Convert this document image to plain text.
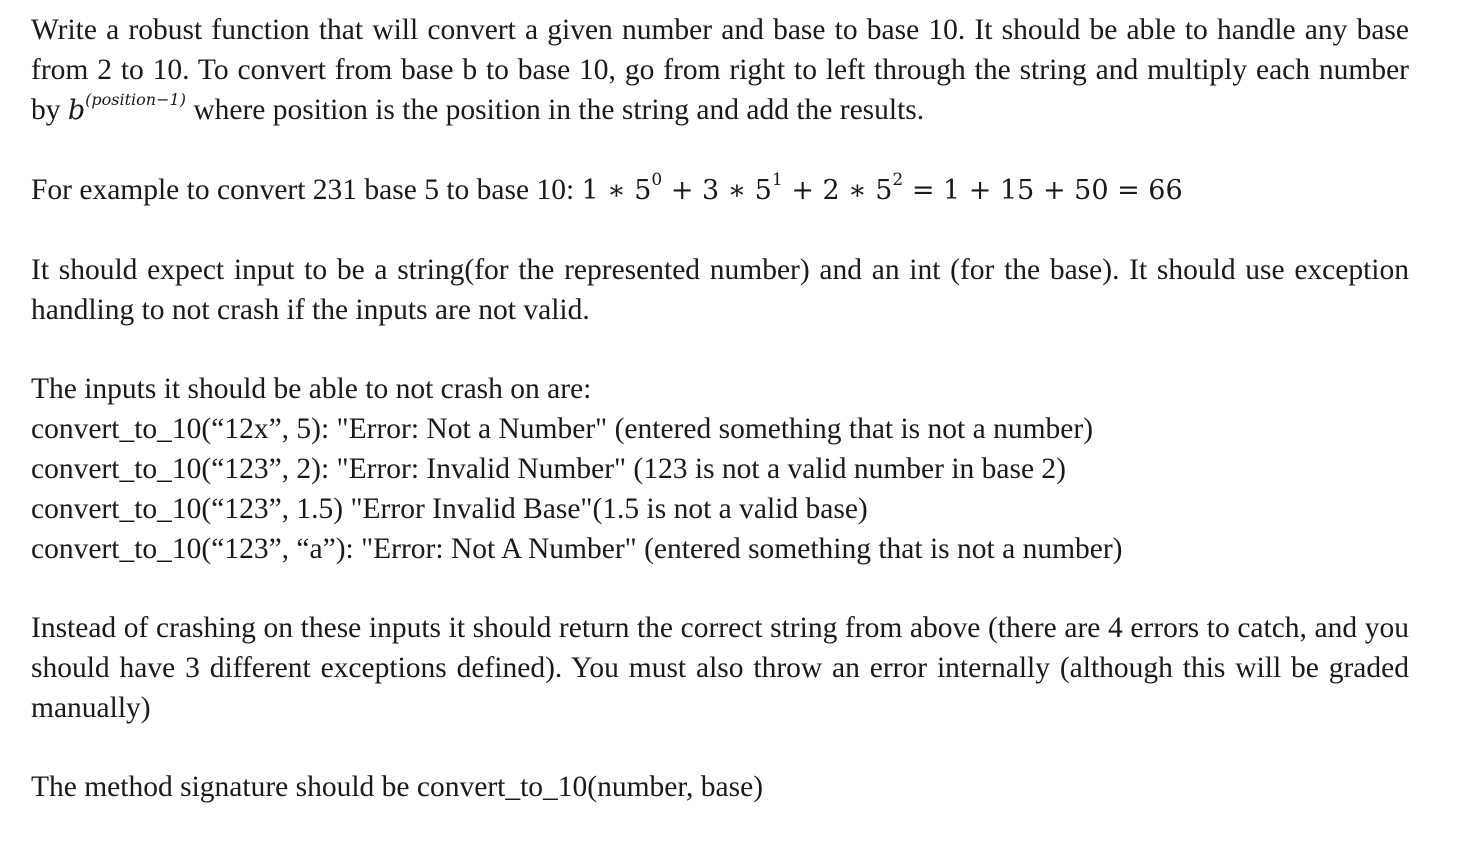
Write a robust function that will convert a given number and base to base 10. It should be able to handle any base from 2 to 10. To convert from base b to base 10, go from right to left through the string and multiply each number by $b^{(position-1)}$ where position is the position in the string and add the results.

For example to convert 231 base 5 to base 10: 1 ∗ $5^0 + 3$ ∗ $5^1 + 2$ ∗ $5^2 = 1 + 15 + 50 = 66$

It should expect input to be a string(for the represented number) and an int (for the base). It should use exception handling to not crash if the inputs are not valid.

The inputs it should be able to not crash on are:
convert_to_10(“12x”, 5): "Error: Not a Number" (entered something that is not a number)
convert_to_10(“123”, 2): "Error: Invalid Number" (123 is not a valid number in base 2)
convert_to_10(“123”, 1.5) "Error Invalid Base"(1.5 is not a valid base)
convert_to_10(“123”, “a”): "Error: Not A Number" (entered something that is not a number)

Instead of crashing on these inputs it should return the correct string from above (there are 4 errors to catch, and you should have 3 different exceptions defined). You must also throw an error internally (although this will be graded manually)

The method signature should be convert_to_10(number, base)
